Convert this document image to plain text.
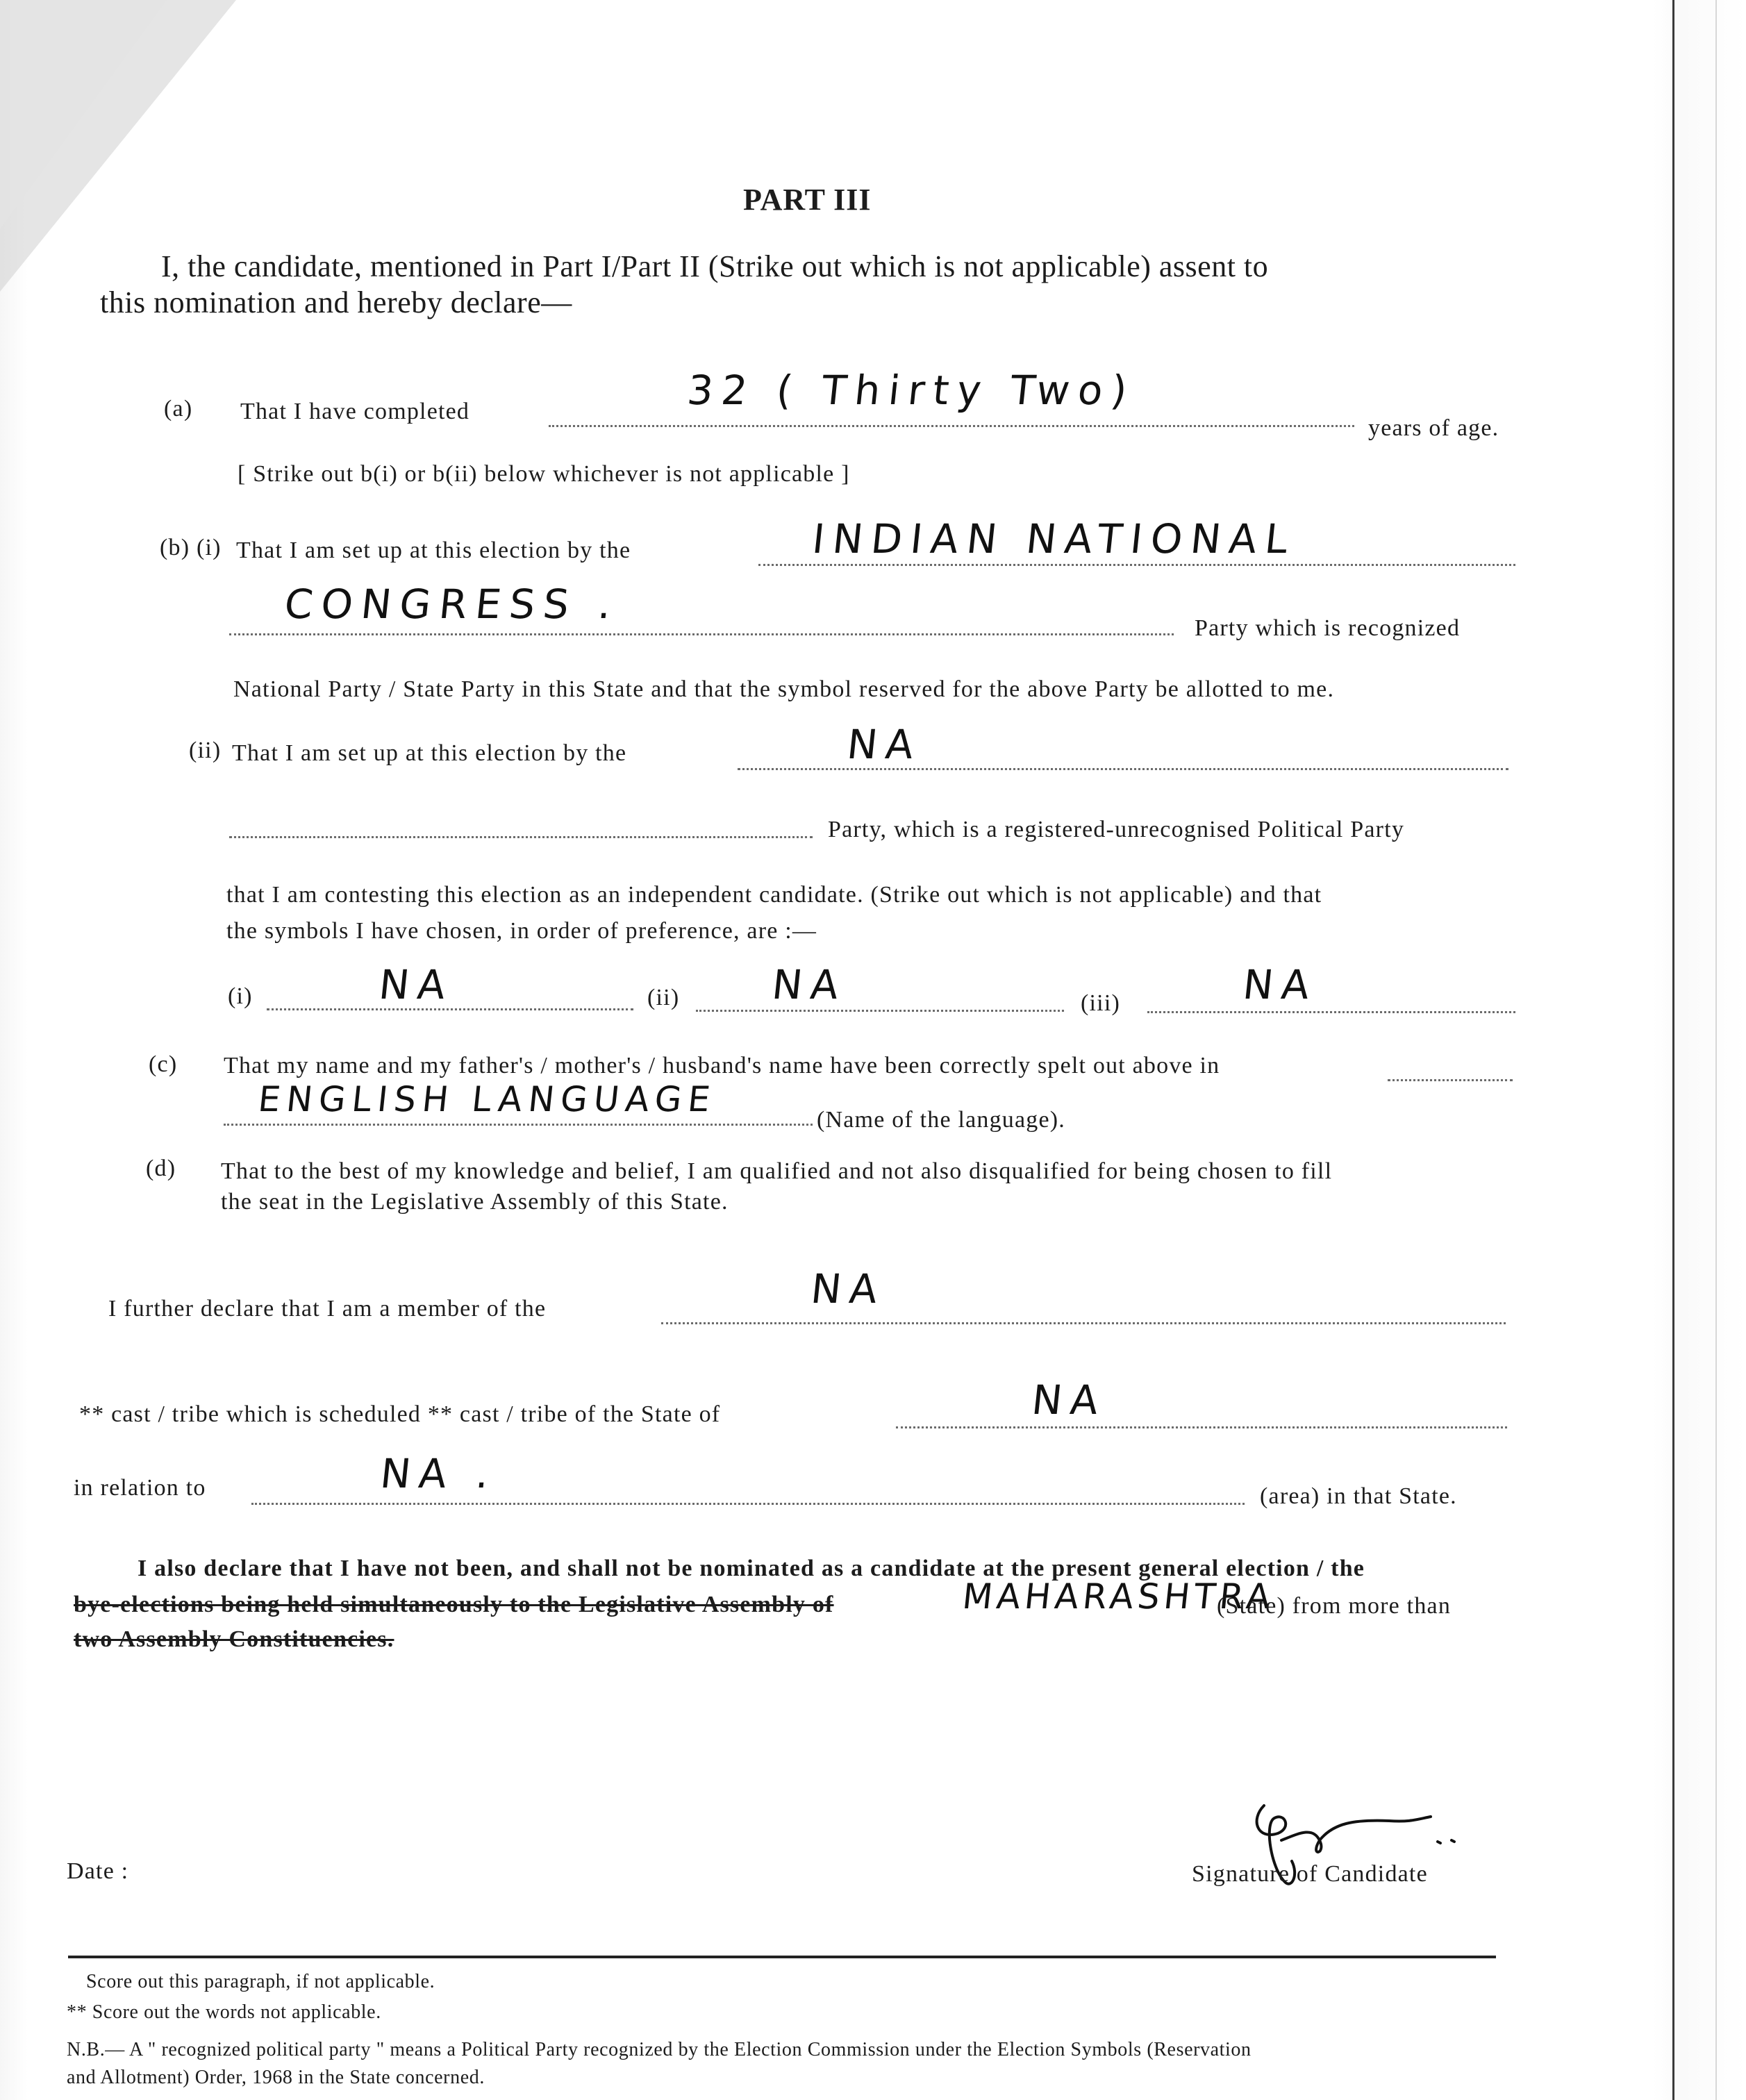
PART III
I, the candidate, mentioned in Part I/Part II (Strike out which is not applicable) assent to
this nomination and hereby declare—
(a) That I have completed	32 ( Thirty Two)
years of age.
[ Strike out b(i) or b(ii) below whichever is not applicable ]
(b) (i) That I am set up at this election by the	INDIAN NATIONAL
CONGRESS .
Party which is recognized
National Party / State Party in this State and that the symbol reserved for the above Party be allotted to me.
(ii) That I am set up at this election by the	NA
Party, which is a registered-unrecognised Political Party
that I am contesting this election as an independent candidate. (Strike out which is not applicable) and that
the symbols I have chosen, in order of preference, are :—
(i)	NA	(ii) NA	(iii)	NA
(c) That my name and my father's / mother's / husband's name have been correctly spelt out above in
ENGLISH LANGUAGE
(Name of the language).
(d) That to the best of my knowledge and belief, I am qualified and not also disqualified for being chosen to fill
the seat in the Legislative Assembly of this State.
I further declare that I am a member of the	NA
** cast / tribe which is scheduled ** cast / tribe of the State of	NA
in relation to	NA .	(area) in that State.
I also declare that I have not been, and shall not be nominated as a candidate at the present general election / the
bye-elections being held simultaneously to the Legislative Assembly of	MAHARASHTRA
(State) from more than
two Assembly Constituencies.
Date :	Signature of Candidate
Score out this paragraph, if not applicable.
** Score out the words not applicable.
N.B.— A " recognized political party " means a Political Party recognized by the Election Commission under the Election Symbols (Reservation
and Allotment) Order, 1968 in the State concerned.
